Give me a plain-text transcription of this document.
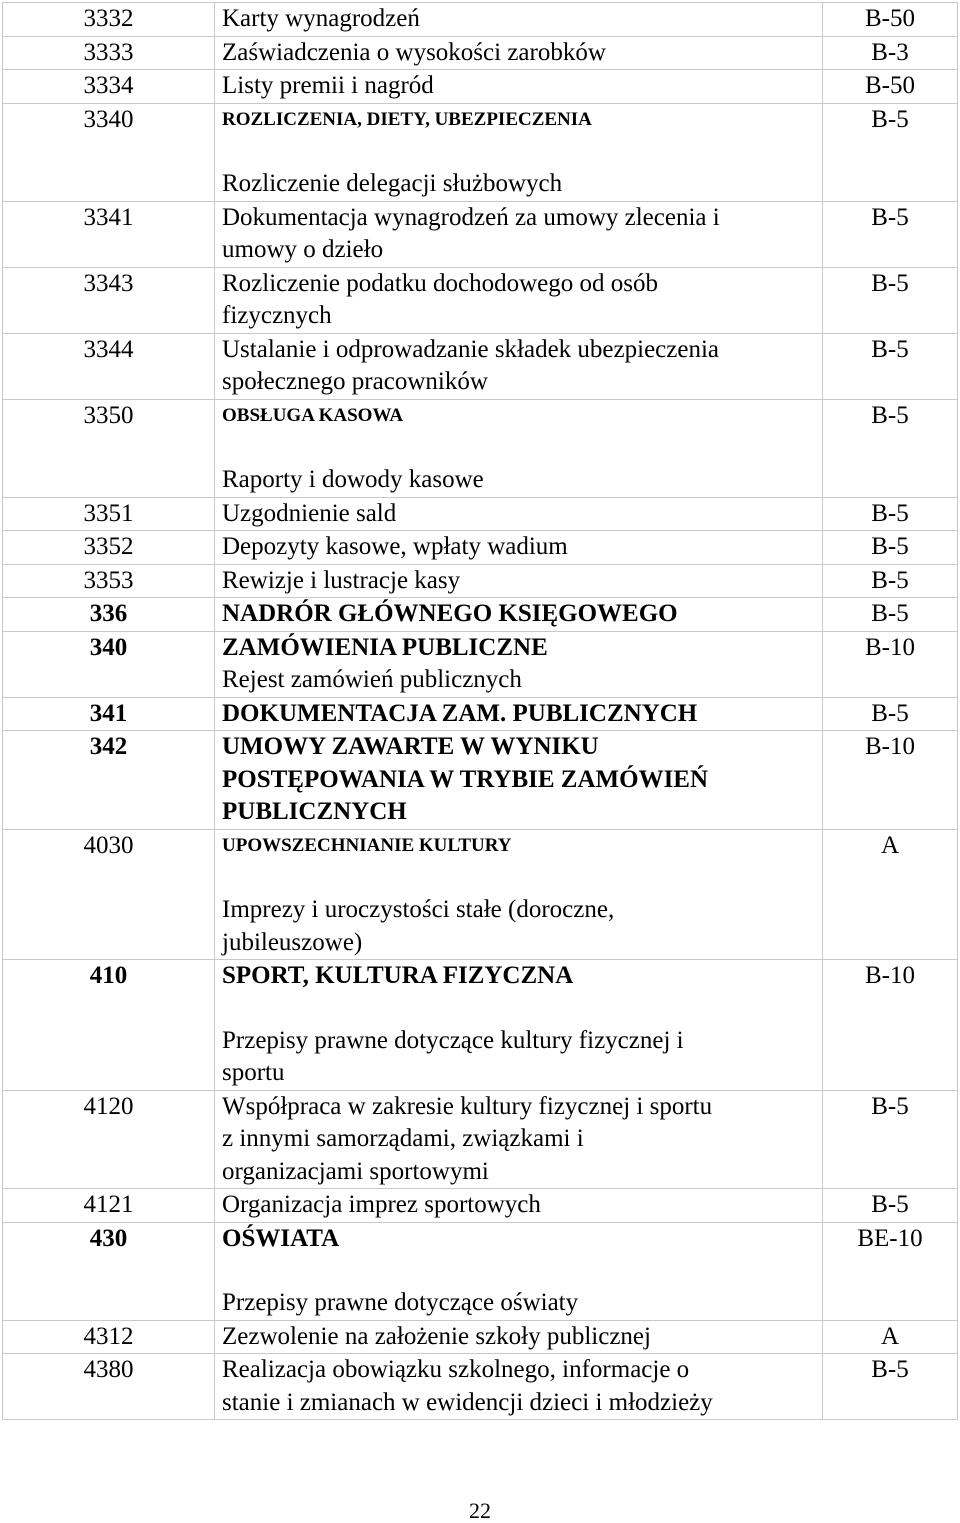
3332	Karty wynagrodzeń	B-50
3333	Zaświadczenia o wysokości zarobków	B-3
3334	Listy premii i nagród	B-50
3340	ROZLICZENIA, DIETY, UBEZPIECZENIA
Rozliczenie delegacji służbowych	B-5
3341	Dokumentacja wynagrodzeń za umowy zlecenia i
umowy o dzieło	B-5
3343	Rozliczenie podatku dochodowego od osób
fizycznych	B-5
3344	Ustalanie i odprowadzanie składek ubezpieczenia
społecznego pracowników	B-5
3350	OBSŁUGA KASOWA
Raporty i dowody kasowe	B-5
3351	Uzgodnienie sald	B-5
3352	Depozyty kasowe, wpłaty wadium	B-5
3353	Rewizje i lustracje kasy	B-5
336	NADRÓR GŁÓWNEGO KSIĘGOWEGO	B-5
340	ZAMÓWIENIA PUBLICZNE
Rejest zamówień publicznych	B-10
341	DOKUMENTACJA ZAM. PUBLICZNYCH	B-5
342	UMOWY ZAWARTE W WYNIKU
POSTĘPOWANIA W TRYBIE ZAMÓWIEŃ
PUBLICZNYCH	B-10
4030	UPOWSZECHNIANIE KULTURY
Imprezy i uroczystości stałe (doroczne,
jubileuszowe)	A
410	SPORT, KULTURA FIZYCZNA
Przepisy prawne dotyczące kultury fizycznej i
sportu	B-10
4120	Współpraca w zakresie kultury fizycznej i sportu
z innymi samorządami, związkami i
organizacjami sportowymi	B-5
4121	Organizacja imprez sportowych	B-5
430	OŚWIATA
Przepisy prawne dotyczące oświaty	BE-10
4312	Zezwolenie na założenie szkoły publicznej	A
4380	Realizacja obowiązku szkolnego, informacje o
stanie i zmianach w ewidencji dzieci i młodzieży	B-5
22
